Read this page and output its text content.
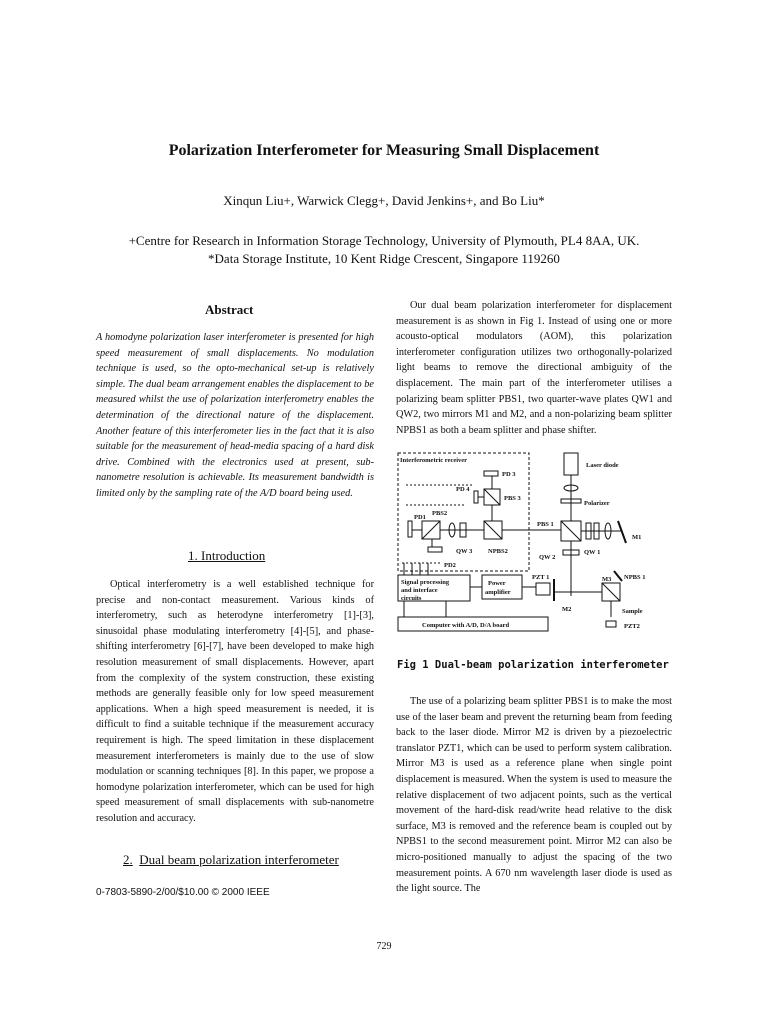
Polarization Interferometer for Measuring Small Displacement
Xinqun Liu+, Warwick Clegg+, David Jenkins+, and Bo Liu*
+Centre for Research in Information Storage Technology, University of Plymouth, PL4 8AA, UK.
*Data Storage Institute, 10 Kent Ridge Crescent, Singapore 119260
Abstract

A homodyne polarization laser interferometer is presented for high speed measurement of small displacements. No modulation technique is used, so the opto-mechanical set-up is relatively simple. The dual beam arrangement enables the displacement to be measured whilst the use of polarization interferometry enables the determination of the directional nature of the displacement. Another feature of this interferometer lies in the fact that it is also suitable for the measurement of head-media spacing of a hard disk drive. Combined with the electronics used at present, sub-nanometre resolution is achievable. Its measurement bandwidth is limited only by the sampling rate of the A/D board being used.

1. Introduction

Optical interferometry is a well established technique for precise and non-contact measurement. Various kinds of interferometry, such as heterodyne interferometry [1]-[3], sinusoidal phase modulating interferometry [4]-[5], and phase-shifting interferometry [6]-[7], have been developed to make high resolution measurement of small displacements. However, apart from the complexity of the system construction, these existing methods are generally feasible only for low speed measurement applications. When a high speed measurement is needed, it is difficult to find a suitable technique if the measurement accuracy requirement is high. The speed limitation in these displacement measurement interferometers is mainly due to the use of slow modulation or scanning techniques [8]. In this paper, we propose a homodyne polarization interferometer, which can be used for high speed measurement of small displacements with sub-nanometre resolution and accuracy.

2. Dual beam polarization interferometer
0-7803-5890-2/00/$10.00 © 2000 IEEE

Our dual beam polarization interferometer for displacement measurement is as shown in Fig 1. Instead of using one or more acousto-optical modulators (AOM), this polarization interferometer configuration utilizes two orthogonally-polarized light beams to remove the directional ambiguity of the displacement. The main part of the interferometer utilises a polarizing beam splitter PBS1, two quarter-wave plates QW1 and QW2, two mirrors M1 and M2, and a non-polarizing beam splitter NPBS1 as both a beam splitter and phase shifter.

Interferometric receiver
PD 3
PBS 3
PD 4
PD1
PBS2
QW 3 NPBS2
PD2
Laser diode
Polarizer
PBS 1
M1
QW 2
QW 1
M3 NPBS 1
Sample
PZT2
Signal processing
and interface
circuits
Power
amplifier
PZT 1
M2
Computer with A/D, D/A board
Fig 1 Dual-beam polarization interferometer

The use of a polarizing beam splitter PBS1 is to make the most use of the laser beam and prevent the returning beam from feeding back to the laser diode. Mirror M2 is driven by a piezoelectric translator PZT1, which can be used to perform system calibration. Mirror M3 is used as a reference plane when single point displacement is measured. When the system is used to measure the relative displacement of two adjacent points, such as the vertical movement of the hard-disk read/write head relative to the disk surface, M3 is removed and the reference beam is coupled out by NPBS1 to the second measurement point. Mirror M2 can also be micro-positioned manually to adjust the spacing of the two measurement points. A 670 nm wavelength laser diode is used as the light source. The

729
